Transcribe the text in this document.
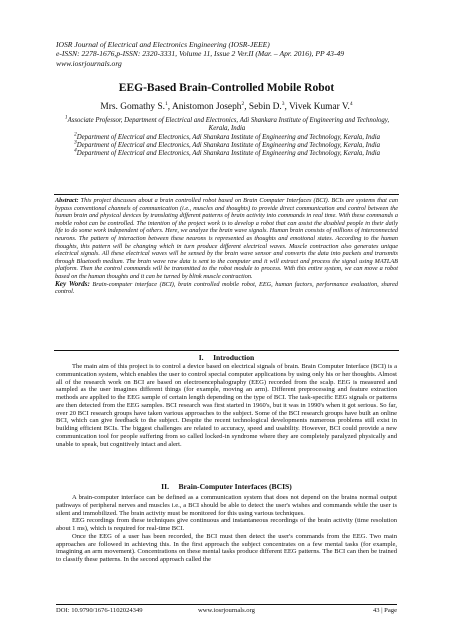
IOSR Journal of Electrical and Electronics Engineering (IOSR-JEEE)
e-ISSN: 2278-1676,p-ISSN: 2320-3331, Volume 11, Issue 2 Ver.II (Mar. – Apr. 2016), PP 43-49
www.iosrjournals.org
EEG-Based Brain-Controlled Mobile Robot
Mrs. Gomathy S.$^1$, Anistomon Joseph$^2$, Sebin D.$^3$, Vivek Kumar V.$^4$

$^1$Associate Professor, Department of Electrical and Electronics, Adi Shankara Institute of Engineering and Technology, Kerala, India

$^2$Department of Electrical and Electronics, Adi Shankara Institute of Engineering and Technology, Kerala, India

$^3$Department of Electrical and Electronics, Adi Shankara Institute of Engineering and Technology, Kerala, India

$^4$Department of Electrical and Electronics, Adi Shankara Institute of Engineering and Technology, Kerala, India

Abstract: This project discusses about a brain controlled robot based on Brain Computer Interfaces (BCI). BCIs are systems that can bypass conventional channels of communication (i.e., muscles and thoughts) to provide direct communication and control between the human brain and physical devices by translating different patterns of brain activity into commands in real time. With these commands a mobile robot can be controlled. The intention of the project work is to develop a robot that can assist the disabled people in their daily life to do some work independent of others. Here, we analyze the brain wave signals. Human brain consists of millions of interconnected neurons. The pattern of interaction between these neurons is represented as thoughts and emotional states. According to the human thoughts, this pattern will be changing which in turn produce different electrical waves. Muscle contraction also generates unique electrical signals. All these electrical waves will be sensed by the brain wave sensor and converts the data into packets and transmits through Bluetooth medium. The brain wave raw data is sent to the computer and it will extract and process the signal using MATLAB platform. Then the control commands will be transmitted to the robot module to process. With this entire system, we can move a robot based on the human thoughts and it can be turned by blink muscle contraction.
Key Words: Brain-computer interface (BCI), brain controlled mobile robot, EEG, human factors, performance evaluation, shared control.
I.     Introduction

The main aim of this project is to control a device based on electrical signals of brain. Brain Computer Interface (BCI) is a communication system, which enables the user to control special computer applications by using only his or her thoughts. Almost all of the research work on BCI are based on electroencephalography (EEG) recorded from the scalp. EEG is measured and sampled as the user imagines different things (for example, moving an arm). Different preprocessing and feature extraction methods are applied to the EEG sample of certain length depending on the type of BCI. The task-specific EEG signals or patterns are then detected from the EEG samples. BCI research was first started in 1960's, but it was in 1990's when it got serious. So far, over 20 BCI research groups have taken various approaches to the subject. Some of the BCI research groups have built an online BCI, which can give feedback to the subject. Despite the recent technological developments numerous problems still exist in building efficient BCIs. The biggest challenges are related to accuracy, speed and usability. However, BCI could provide a new communication tool for people suffering from so called locked-in syndrome where they are completely paralyzed physically and unable to speak, but cognitively intact and alert.

II.     Brain-Computer Interfaces (BCIS)

A brain-computer interface can be defined as a communication system that does not depend on the brains normal output pathways of peripheral nerves and muscles i.e., a BCI should be able to detect the user's wishes and commands while the user is silent and immobilized. The brain activity must be monitored for this using various techniques.

EEG recordings from these techniques give continuous and instantaneous recordings of the brain activity (time resolution about 1 ms), which is required for real-time BCI.

Once the EEG of a user has been recorded, the BCI must then detect the user's commands from the EEG. Two main approaches are followed in achieving this. In the first approach the subject concentrates on a few mental tasks (for example, imagining an arm movement). Concentrations on these mental tasks produce different EEG patterns. The BCI can then be trained to classify these patterns. In the second approach called the

DOI: 10.9790/1676-1102024349	www.iosrjournals.org	43 | Page
